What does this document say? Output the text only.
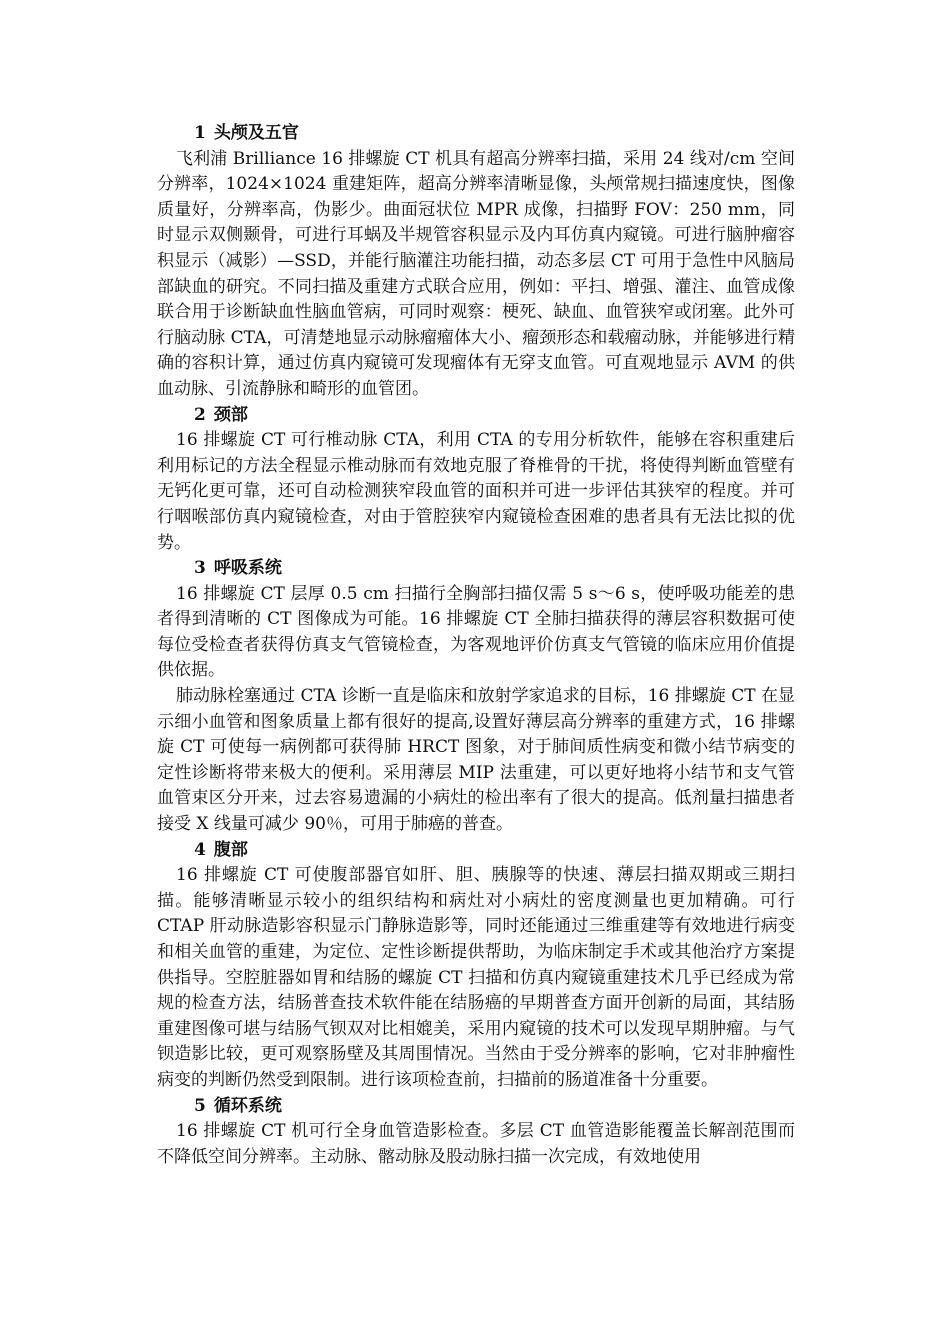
1 头颅及五官

飞利浦 Brilliance 16 排螺旋 CT 机具有超高分辨率扫描，采用 24 线对/cm 空间分辨率，1024×1024 重建矩阵，超高分辨率清晰显像，头颅常规扫描速度快，图像质量好，分辨率高，伪影少。曲面冠状位 MPR 成像，扫描野 FOV：250 mm，同时显示双侧颞骨，可进行耳蜗及半规管容积显示及内耳仿真内窥镜。可进行脑肿瘤容积显示（减影）—SSD，并能行脑灌注功能扫描，动态多层 CT 可用于急性中风脑局部缺血的研究。不同扫描及重建方式联合应用，例如：平扫、增强、灌注、血管成像联合用于诊断缺血性脑血管病，可同时观察：梗死、缺血、血管狭窄或闭塞。此外可行脑动脉 CTA，可清楚地显示动脉瘤瘤体大小、瘤颈形态和载瘤动脉，并能够进行精确的容积计算，通过仿真内窥镜可发现瘤体有无穿支血管。可直观地显示 AVM 的供血动脉、引流静脉和畸形的血管团。

2 颈部

16 排螺旋 CT 可行椎动脉 CTA，利用 CTA 的专用分析软件，能够在容积重建后利用标记的方法全程显示椎动脉而有效地克服了脊椎骨的干扰，将使得判断血管壁有无钙化更可靠，还可自动检测狭窄段血管的面积并可进一步评估其狭窄的程度。并可行咽喉部仿真内窥镜检查，对由于管腔狭窄内窥镜检查困难的患者具有无法比拟的优势。

3 呼吸系统

16 排螺旋 CT 层厚 0.5 cm 扫描行全胸部扫描仅需 5 s～6 s，使呼吸功能差的患者得到清晰的 CT 图像成为可能。16 排螺旋 CT 全肺扫描获得的薄层容积数据可使每位受检查者获得仿真支气管镜检查，为客观地评价仿真支气管镜的临床应用价值提供依据。

肺动脉栓塞通过 CTA 诊断一直是临床和放射学家追求的目标，16 排螺旋 CT 在显示细小血管和图象质量上都有很好的提高,设置好薄层高分辨率的重建方式，16 排螺旋 CT 可使每一病例都可获得肺 HRCT 图象，对于肺间质性病变和微小结节病变的定性诊断将带来极大的便利。采用薄层 MIP 法重建，可以更好地将小结节和支气管血管束区分开来，过去容易遗漏的小病灶的检出率有了很大的提高。低剂量扫描患者接受 X 线量可减少 90％，可用于肺癌的普查。

4 腹部

16 排螺旋 CT 可使腹部器官如肝、胆、胰腺等的快速、薄层扫描双期或三期扫描。能够清晰显示较小的组织结构和病灶对小病灶的密度测量也更加精确。可行 CTAP 肝动脉造影容积显示门静脉造影等，同时还能通过三维重建等有效地进行病变和相关血管的重建，为定位、定性诊断提供帮助，为临床制定手术或其他治疗方案提供指导。空腔脏器如胃和结肠的螺旋 CT 扫描和仿真内窥镜重建技术几乎已经成为常规的检查方法，结肠普查技术软件能在结肠癌的早期普查方面开创新的局面，其结肠重建图像可堪与结肠气钡双对比相媲美，采用内窥镜的技术可以发现早期肿瘤。与气钡造影比较，更可观察肠壁及其周围情况。当然由于受分辨率的影响，它对非肿瘤性病变的判断仍然受到限制。进行该项检查前，扫描前的肠道准备十分重要。

5 循环系统

16 排螺旋 CT 机可行全身血管造影检查。多层 CT 血管造影能覆盖长解剖范围而不降低空间分辨率。主动脉、髂动脉及股动脉扫描一次完成，有效地使用
